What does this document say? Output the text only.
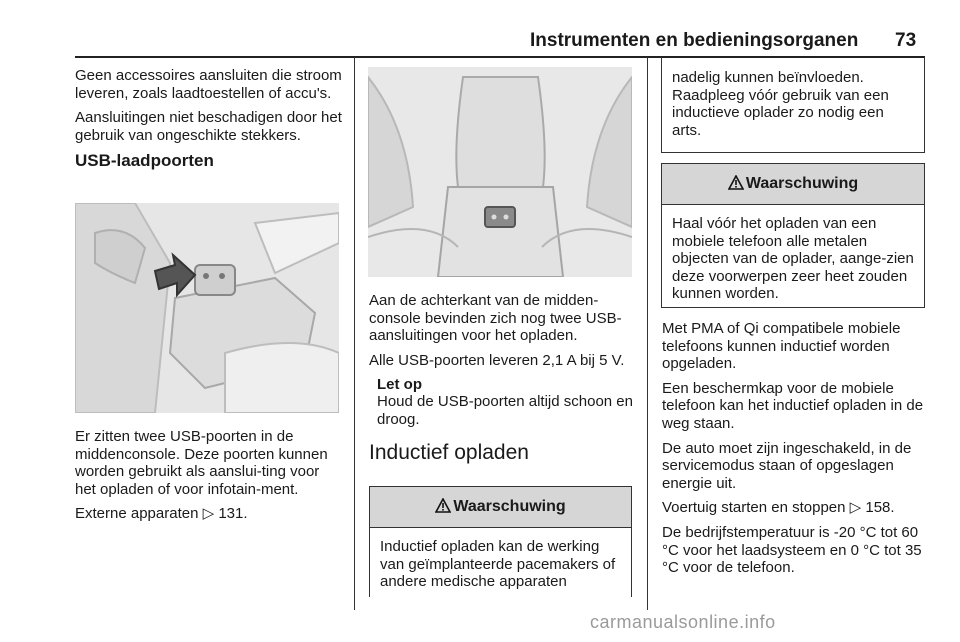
Instrumenten en bedieningsorganen 73

Geen accessoires aansluiten die stroom leveren, zoals laadtoestellen of accu's.

Aansluitingen niet beschadigen door het gebruik van ongeschikte stekkers.

USB-laadpoorten

Er zitten twee USB-poorten in de middenconsole. Deze poorten kunnen worden gebruikt als aanslui-ting voor het opladen of voor infotain-ment.

Externe apparaten ▷ 131.

Aan de achterkant van de midden-console bevinden zich nog twee USB-aansluitingen voor het opladen.

Alle USB-poorten leveren 2,1 A bij 5 V.

Let op
Houd de USB-poorten altijd schoon en droog.
Inductief opladen
Waarschuwing
Inductief opladen kan de werking van geïmplanteerde pacemakers of andere medische apparaten
nadelig kunnen beïnvloeden. Raadpleeg vóór gebruik van een inductieve oplader zo nodig een arts.
Waarschuwing
Haal vóór het opladen van een mobiele telefoon alle metalen objecten van de oplader, aange-zien deze voorwerpen zeer heet zouden kunnen worden.

Met PMA of Qi compatibele mobiele telefoons kunnen inductief worden opgeladen.

Een beschermkap voor de mobiele telefoon kan het inductief opladen in de weg staan.

De auto moet zijn ingeschakeld, in de servicemodus staan of opgeslagen energie uit.

Voertuig starten en stoppen ▷ 158.

De bedrijfstemperatuur is -20 °C tot 60 °C voor het laadsysteem en 0 °C tot 35 °C voor de telefoon.

carmanualsonline.info
